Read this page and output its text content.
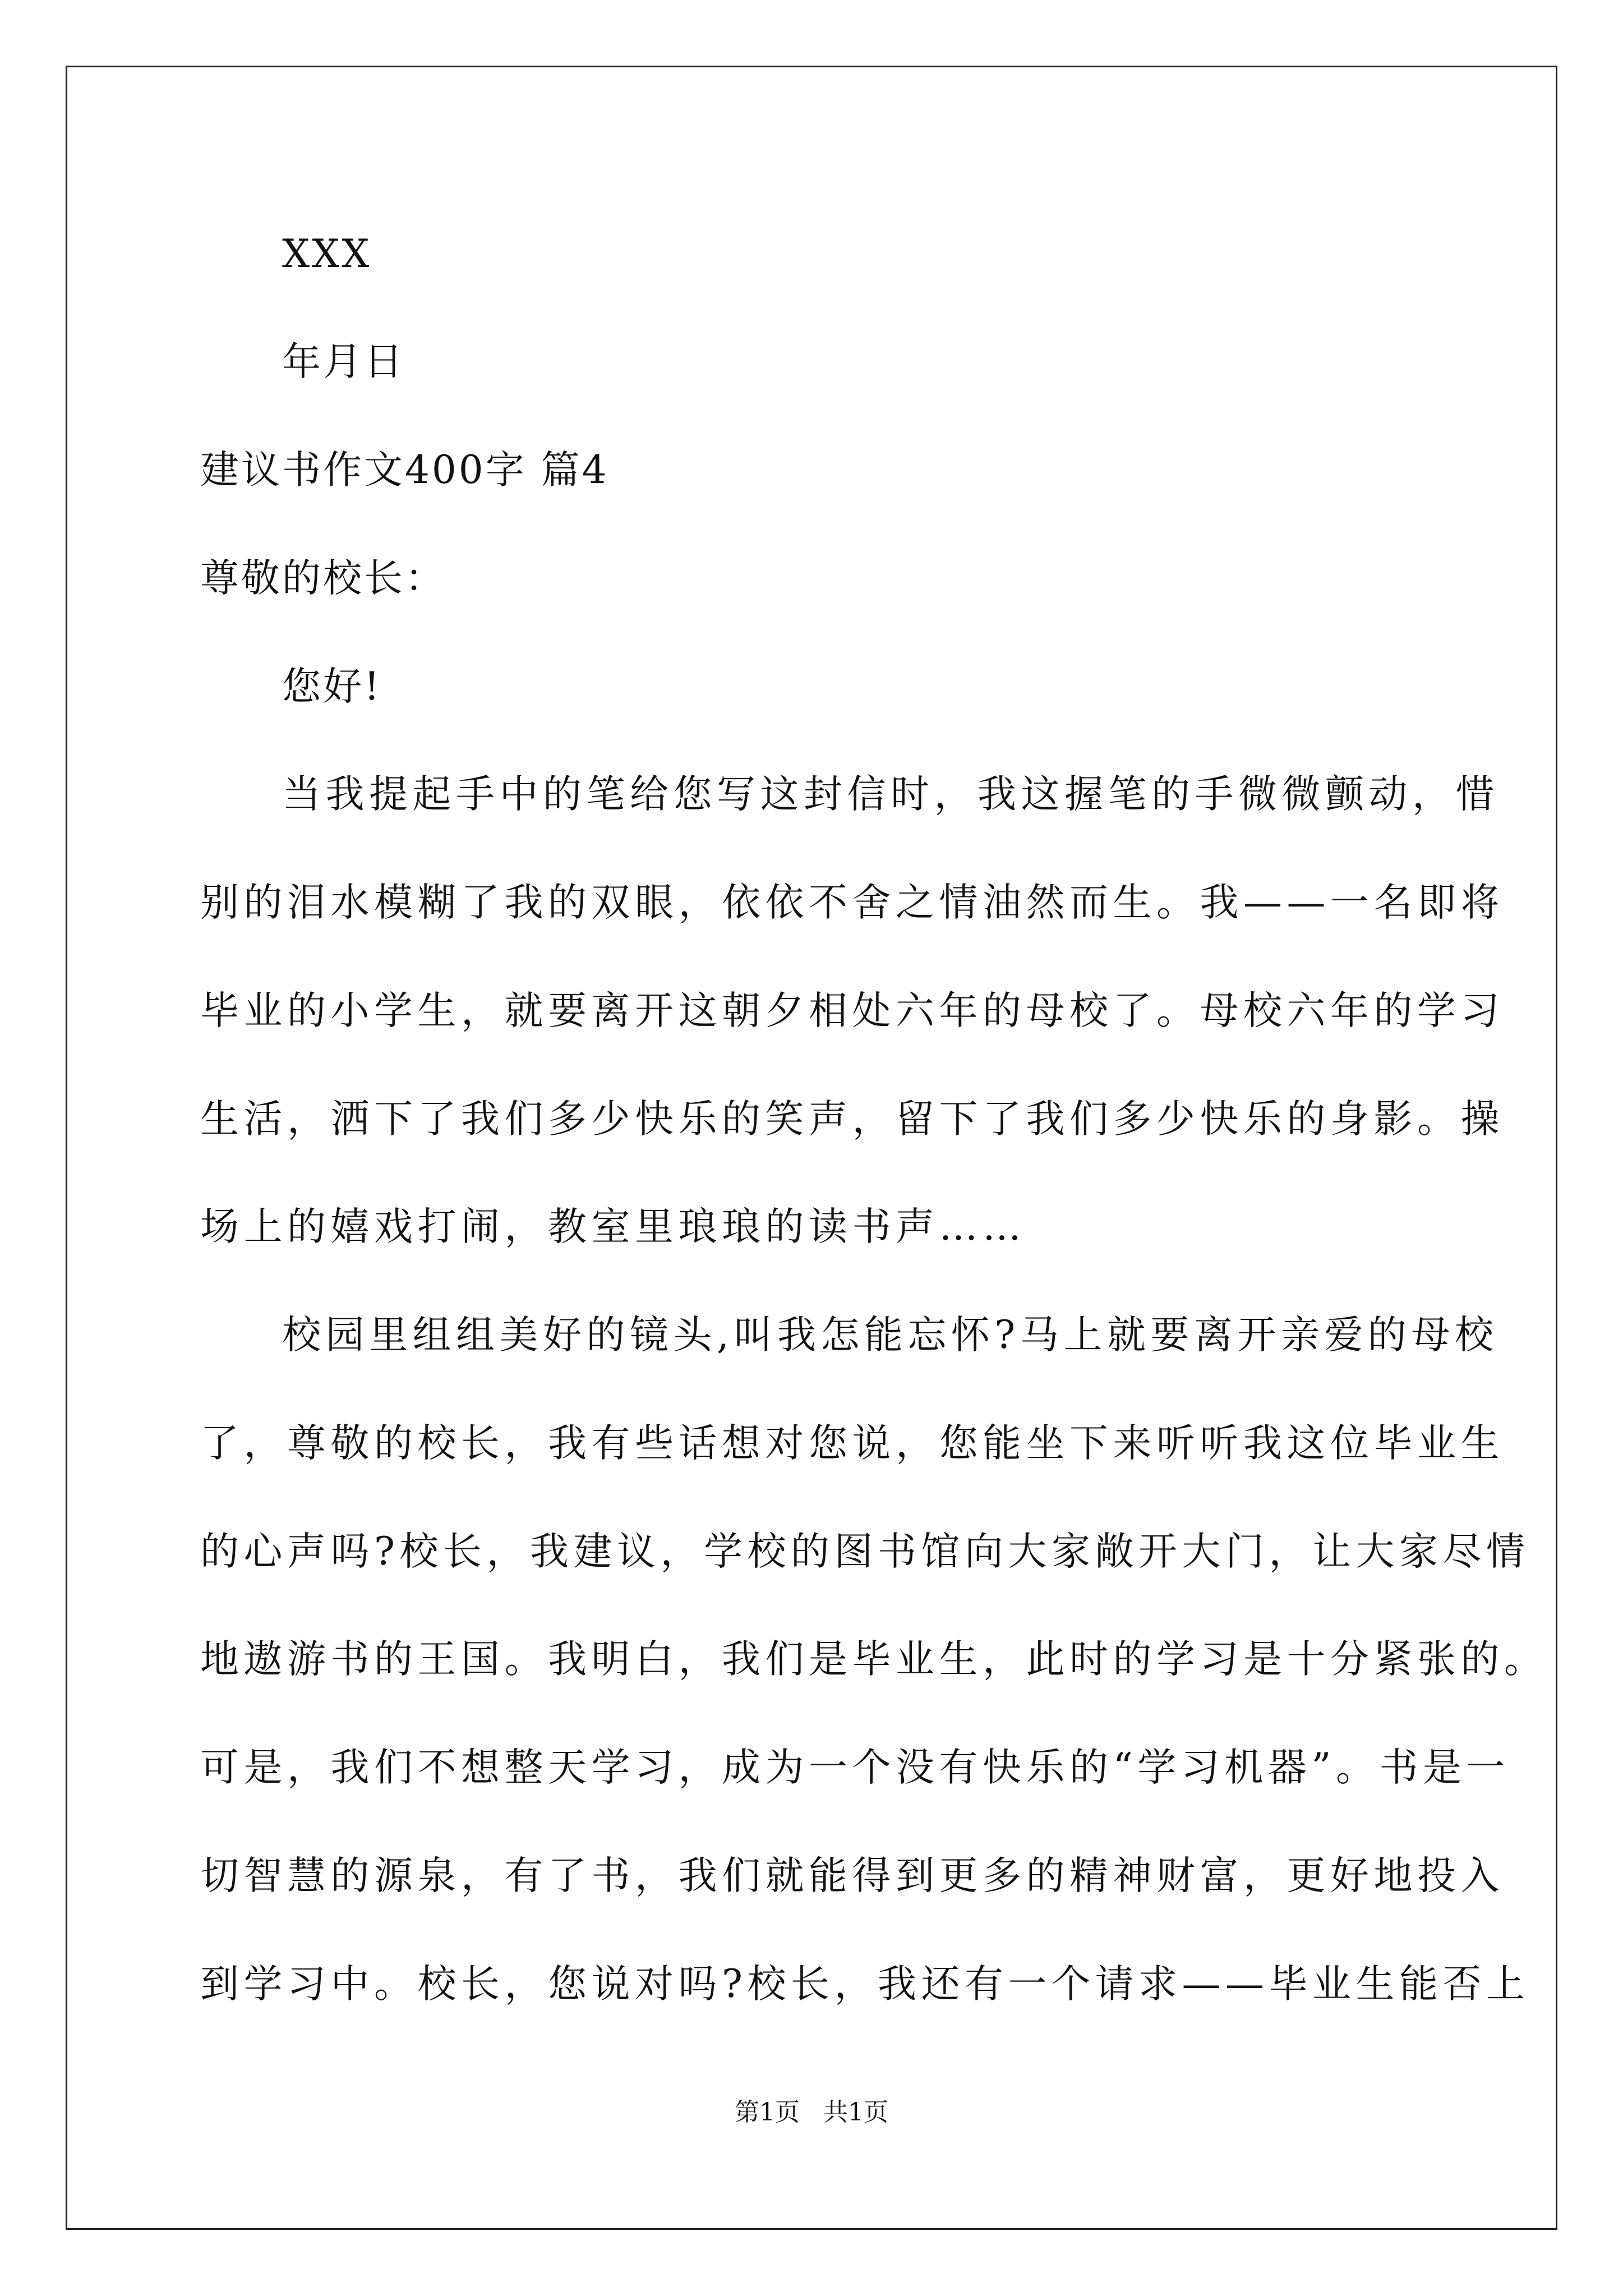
XXX
年月日
建议书作文400字 篇4
尊敬的校长：
您好!
当我提起手中的笔给您写这封信时，我这握笔的手微微颤动，惜
别的泪水模糊了我的双眼，依依不舍之情油然而生。我——一名即将
毕业的小学生，就要离开这朝夕相处六年的母校了。母校六年的学习
生活，洒下了我们多少快乐的笑声，留下了我们多少快乐的身影。操
场上的嬉戏打闹，教室里琅琅的读书声……
校园里组组美好的镜头,叫我怎能忘怀?马上就要离开亲爱的母校
了，尊敬的校长，我有些话想对您说，您能坐下来听听我这位毕业生
的心声吗?校长，我建议，学校的图书馆向大家敞开大门，让大家尽情
地遨游书的王国。我明白，我们是毕业生，此时的学习是十分紧张的。
可是，我们不想整天学习，成为一个没有快乐的“学习机器”。书是一
切智慧的源泉，有了书，我们就能得到更多的精神财富，更好地投入
到学习中。校长，您说对吗?校长，我还有一个请求——毕业生能否上
第1页 共1页
